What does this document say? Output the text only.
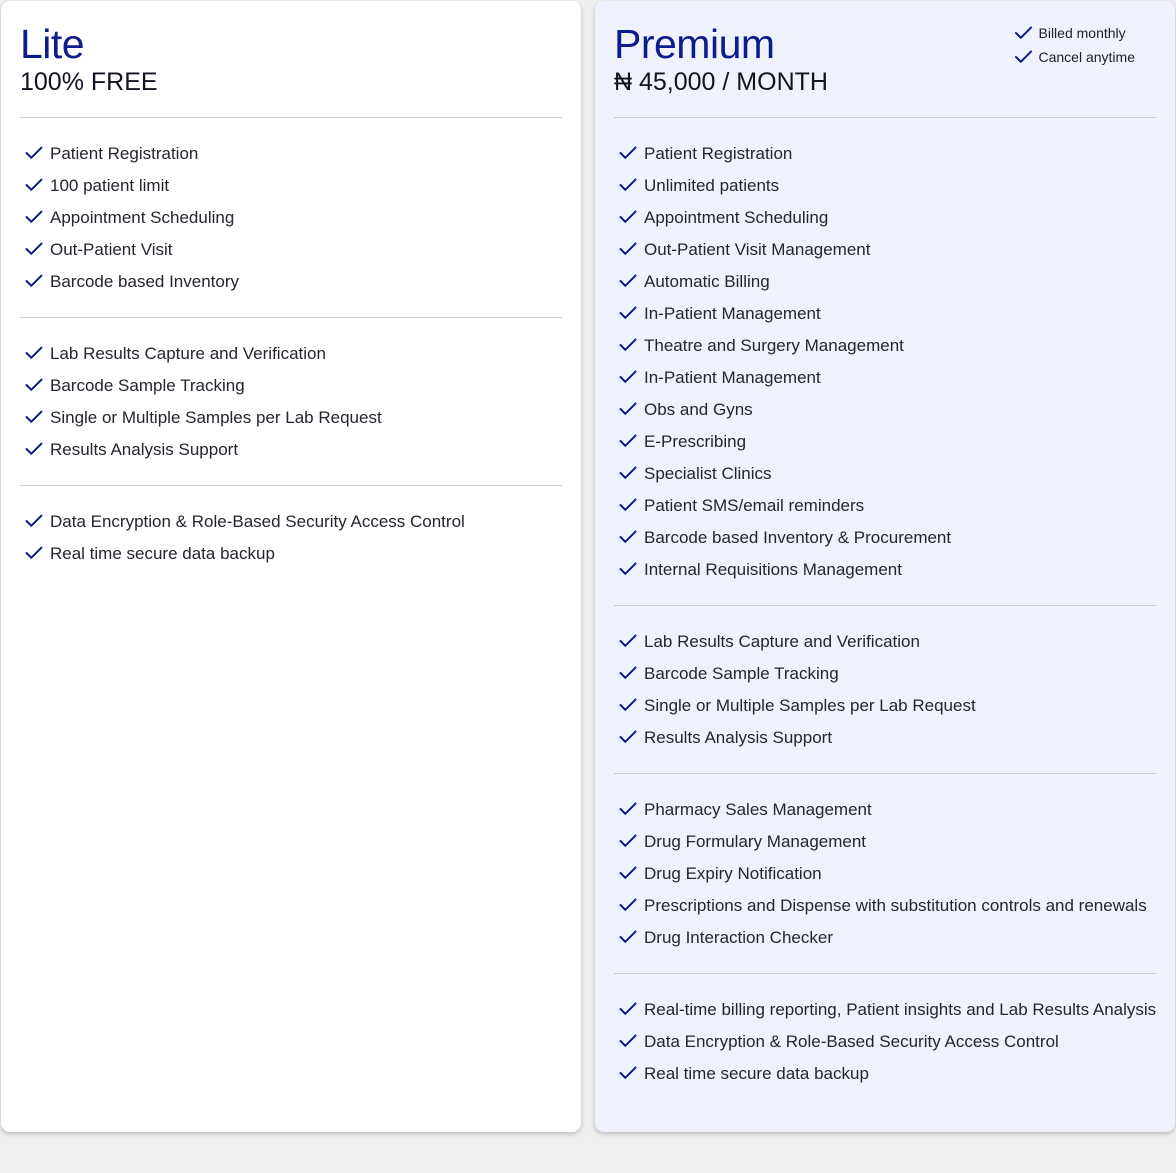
Lite

100% FREE

Patient Registration
100 patient limit
Appointment Scheduling
Out-Patient Visit
Barcode based Inventory
Lab Results Capture and Verification
Barcode Sample Tracking
Single or Multiple Samples per Lab Request
Results Analysis Support
Data Encryption & Role-Based Security Access Control
Real time secure data backup
Premium

₦ 45,000 / MONTH

Billed monthly
Cancel anytime
Patient Registration
Unlimited patients
Appointment Scheduling
Out-Patient Visit Management
Automatic Billing
In-Patient Management
Theatre and Surgery Management
In-Patient Management
Obs and Gyns
E-Prescribing
Specialist Clinics
Patient SMS/email reminders
Barcode based Inventory & Procurement
Internal Requisitions Management
Lab Results Capture and Verification
Barcode Sample Tracking
Single or Multiple Samples per Lab Request
Results Analysis Support
Pharmacy Sales Management
Drug Formulary Management
Drug Expiry Notification
Prescriptions and Dispense with substitution controls and renewals
Drug Interaction Checker
Real-time billing reporting, Patient insights and Lab Results Analysis
Data Encryption & Role-Based Security Access Control
Real time secure data backup
